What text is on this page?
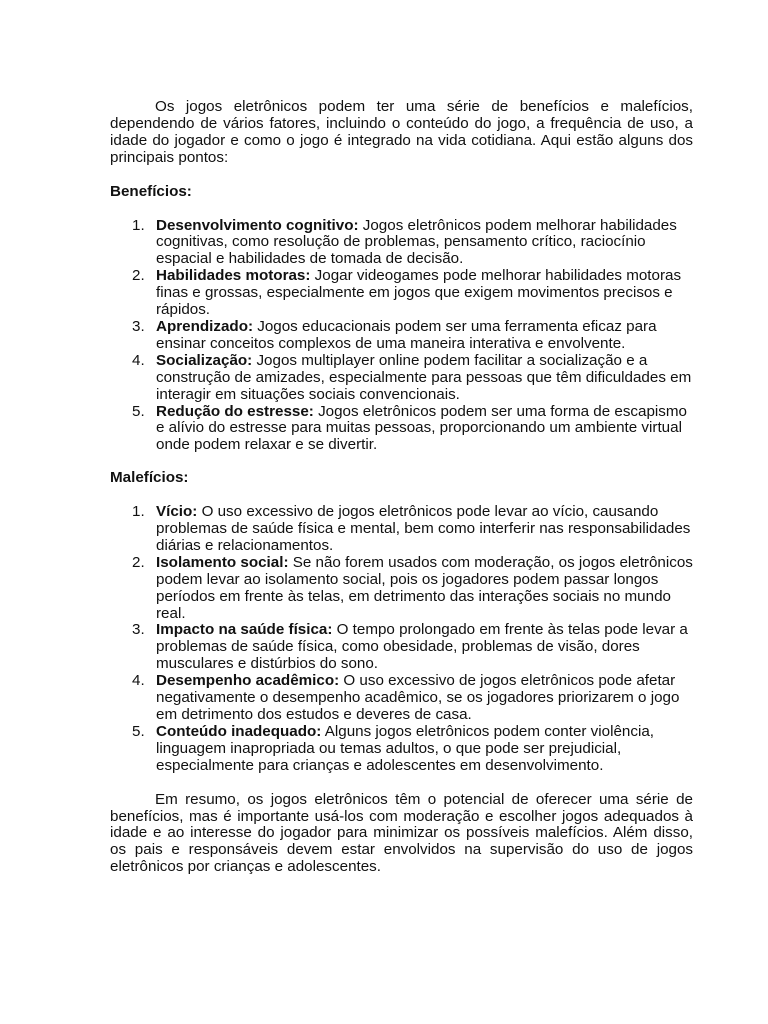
Os jogos eletrônicos podem ter uma série de benefícios e malefícios, dependendo de vários fatores, incluindo o conteúdo do jogo, a frequência de uso, a idade do jogador e como o jogo é integrado na vida cotidiana. Aqui estão alguns dos principais pontos:

Benefícios:

1. Desenvolvimento cognitivo: Jogos eletrônicos podem melhorar habilidades cognitivas, como resolução de problemas, pensamento crítico, raciocínio espacial e habilidades de tomada de decisão.
2. Habilidades motoras: Jogar videogames pode melhorar habilidades motoras finas e grossas, especialmente em jogos que exigem movimentos precisos e rápidos.
3. Aprendizado: Jogos educacionais podem ser uma ferramenta eficaz para ensinar conceitos complexos de uma maneira interativa e envolvente.
4. Socialização: Jogos multiplayer online podem facilitar a socialização e a construção de amizades, especialmente para pessoas que têm dificuldades em interagir em situações sociais convencionais.
5. Redução do estresse: Jogos eletrônicos podem ser uma forma de escapismo e alívio do estresse para muitas pessoas, proporcionando um ambiente virtual onde podem relaxar e se divertir.

Malefícios:

1. Vício: O uso excessivo de jogos eletrônicos pode levar ao vício, causando problemas de saúde física e mental, bem como interferir nas responsabilidades diárias e relacionamentos.
2. Isolamento social: Se não forem usados com moderação, os jogos eletrônicos podem levar ao isolamento social, pois os jogadores podem passar longos períodos em frente às telas, em detrimento das interações sociais no mundo real.
3. Impacto na saúde física: O tempo prolongado em frente às telas pode levar a problemas de saúde física, como obesidade, problemas de visão, dores musculares e distúrbios do sono.
4. Desempenho acadêmico: O uso excessivo de jogos eletrônicos pode afetar negativamente o desempenho acadêmico, se os jogadores priorizarem o jogo em detrimento dos estudos e deveres de casa.
5. Conteúdo inadequado: Alguns jogos eletrônicos podem conter violência, linguagem inapropriada ou temas adultos, o que pode ser prejudicial, especialmente para crianças e adolescentes em desenvolvimento.

Em resumo, os jogos eletrônicos têm o potencial de oferecer uma série de benefícios, mas é importante usá-los com moderação e escolher jogos adequados à idade e ao interesse do jogador para minimizar os possíveis malefícios. Além disso, os pais e responsáveis devem estar envolvidos na supervisão do uso de jogos eletrônicos por crianças e adolescentes.
